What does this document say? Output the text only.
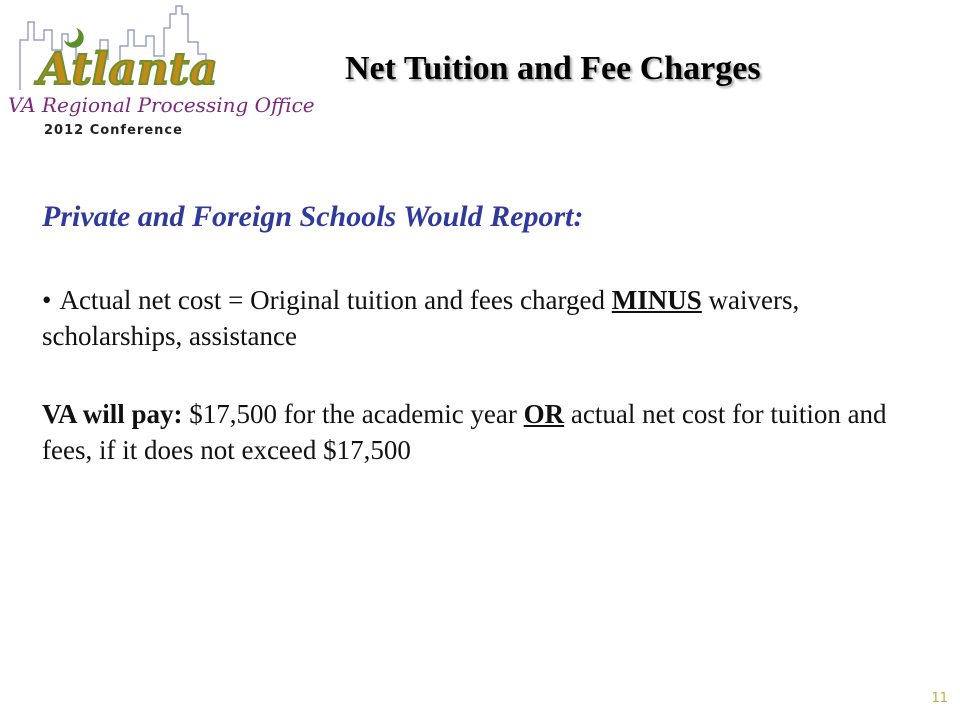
Atlanta
VA Regional Processing Office
2012 Conference
Net Tuition and Fee Charges
Private and Foreign Schools Would Report:
• Actual net cost = Original tuition and fees charged MINUS waivers, scholarships, assistance
VA will pay: $17,500 for the academic year OR actual net cost for tuition and fees, if it does not exceed $17,500
11
